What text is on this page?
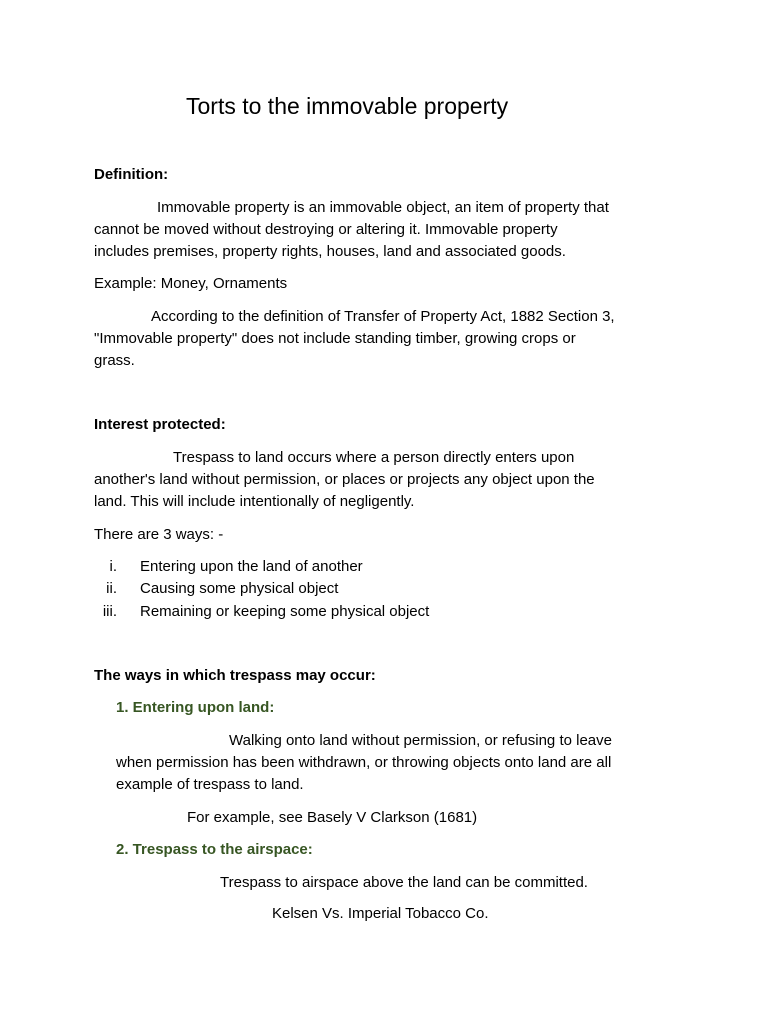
Torts to the immovable property
Definition:
Immovable property is an immovable object, an item of property that
cannot be moved without destroying or altering it. Immovable property
includes premises, property rights, houses, land and associated goods.
Example: Money, Ornaments
According to the definition of Transfer of Property Act, 1882 Section 3,
"Immovable property" does not include standing timber, growing crops or
grass.
Interest protected:
Trespass to land occurs where a person directly enters upon
another's land without permission, or places or projects any object upon the
land. This will include intentionally of negligently.
There are 3 ways: -
i. Entering upon the land of another
ii. Causing some physical object
iii. Remaining or keeping some physical object
The ways in which trespass may occur:
1. Entering upon land:
Walking onto land without permission, or refusing to leave
when permission has been withdrawn, or throwing objects onto land are all
example of trespass to land.
For example, see Basely V Clarkson (1681)
2. Trespass to the airspace:
Trespass to airspace above the land can be committed.
Kelsen Vs. Imperial Tobacco Co.
